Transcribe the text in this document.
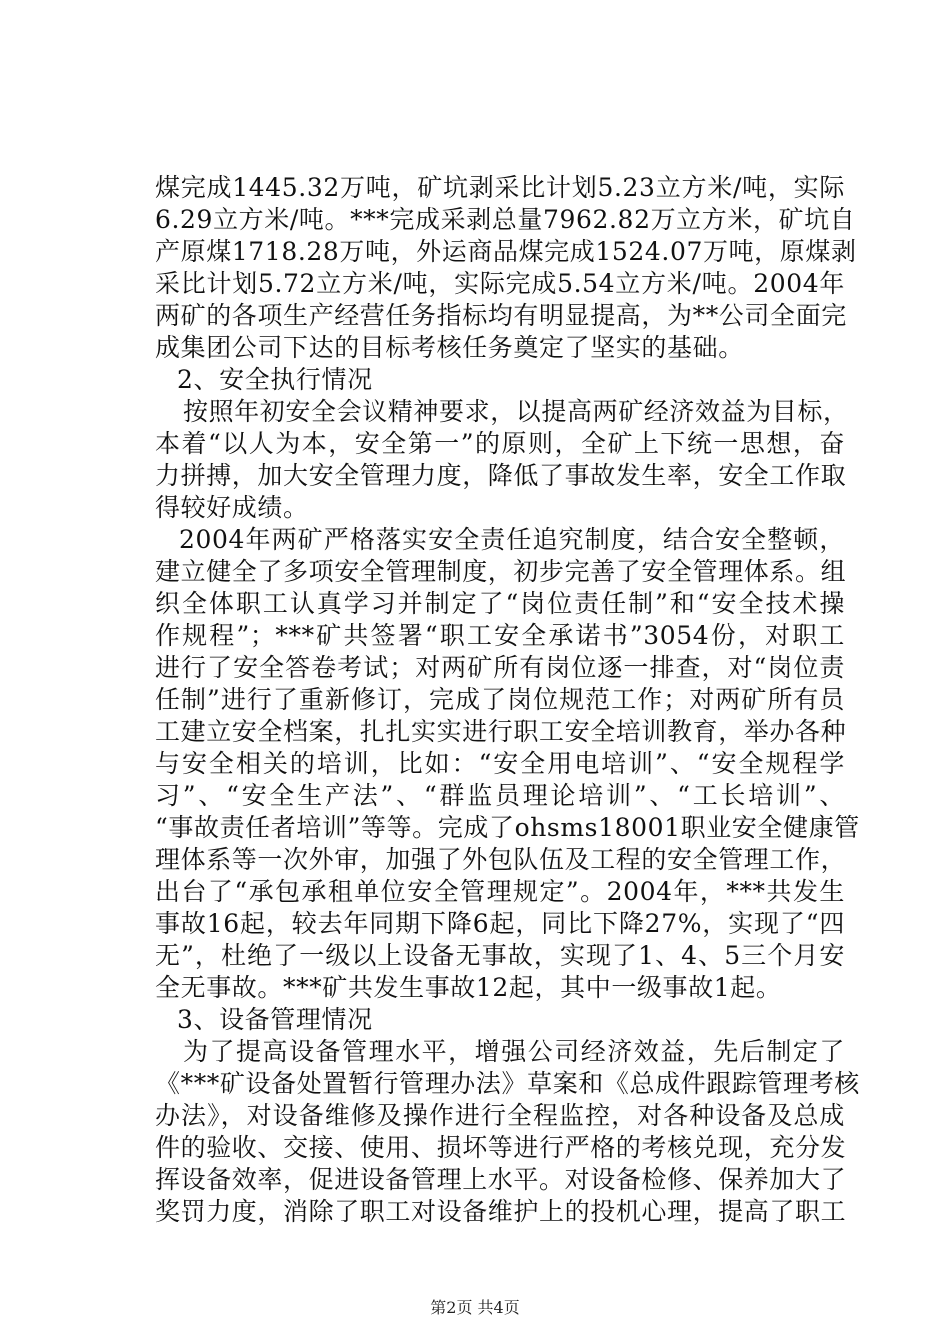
煤完成1445.32万吨，矿坑剥采比计划5.23立方米/吨，实际
6.29立方米/吨。***完成采剥总量7962.82万立方米，矿坑自
产原煤1718.28万吨，外运商品煤完成1524.07万吨，原煤剥
采比计划5.72立方米/吨，实际完成5.54立方米/吨。2004年
两矿的各项生产经营任务指标均有明显提高，为**公司全面完
成集团公司下达的目标考核任务奠定了坚实的基础。
2、安全执行情况
按照年初安全会议精神要求，以提高两矿经济效益为目标，
本着“以人为本，安全第一”的原则，全矿上下统一思想，奋
力拼搏，加大安全管理力度，降低了事故发生率，安全工作取
得较好成绩。
2004年两矿严格落实安全责任追究制度，结合安全整顿，
建立健全了多项安全管理制度，初步完善了安全管理体系。组
织全体职工认真学习并制定了“岗位责任制”和“安全技术操
作规程”；***矿共签署“职工安全承诺书”3054份，对职工
进行了安全答卷考试；对两矿所有岗位逐一排查，对“岗位责
任制”进行了重新修订，完成了岗位规范工作；对两矿所有员
工建立安全档案，扎扎实实进行职工安全培训教育，举办各种
与安全相关的培训，比如：“安全用电培训”、“安全规程学
习”、“安全生产法”、“群监员理论培训”、“工长培训”、
“事故责任者培训”等等。完成了ohsms18001职业安全健康管
理体系等一次外审，加强了外包队伍及工程的安全管理工作，
出台了“承包承租单位安全管理规定”。2004年，***共发生
事故16起，较去年同期下降6起，同比下降27%，实现了“四
无”，杜绝了一级以上设备无事故，实现了1、4、5三个月安
全无事故。***矿共发生事故12起，其中一级事故1起。
3、设备管理情况
为了提高设备管理水平，增强公司经济效益，先后制定了
《***矿设备处置暂行管理办法》草案和《总成件跟踪管理考核
办法》，对设备维修及操作进行全程监控，对各种设备及总成
件的验收、交接、使用、损坏等进行严格的考核兑现，充分发
挥设备效率，促进设备管理上水平。对设备检修、保养加大了
奖罚力度，消除了职工对设备维护上的投机心理，提高了职工
第2页 共4页
